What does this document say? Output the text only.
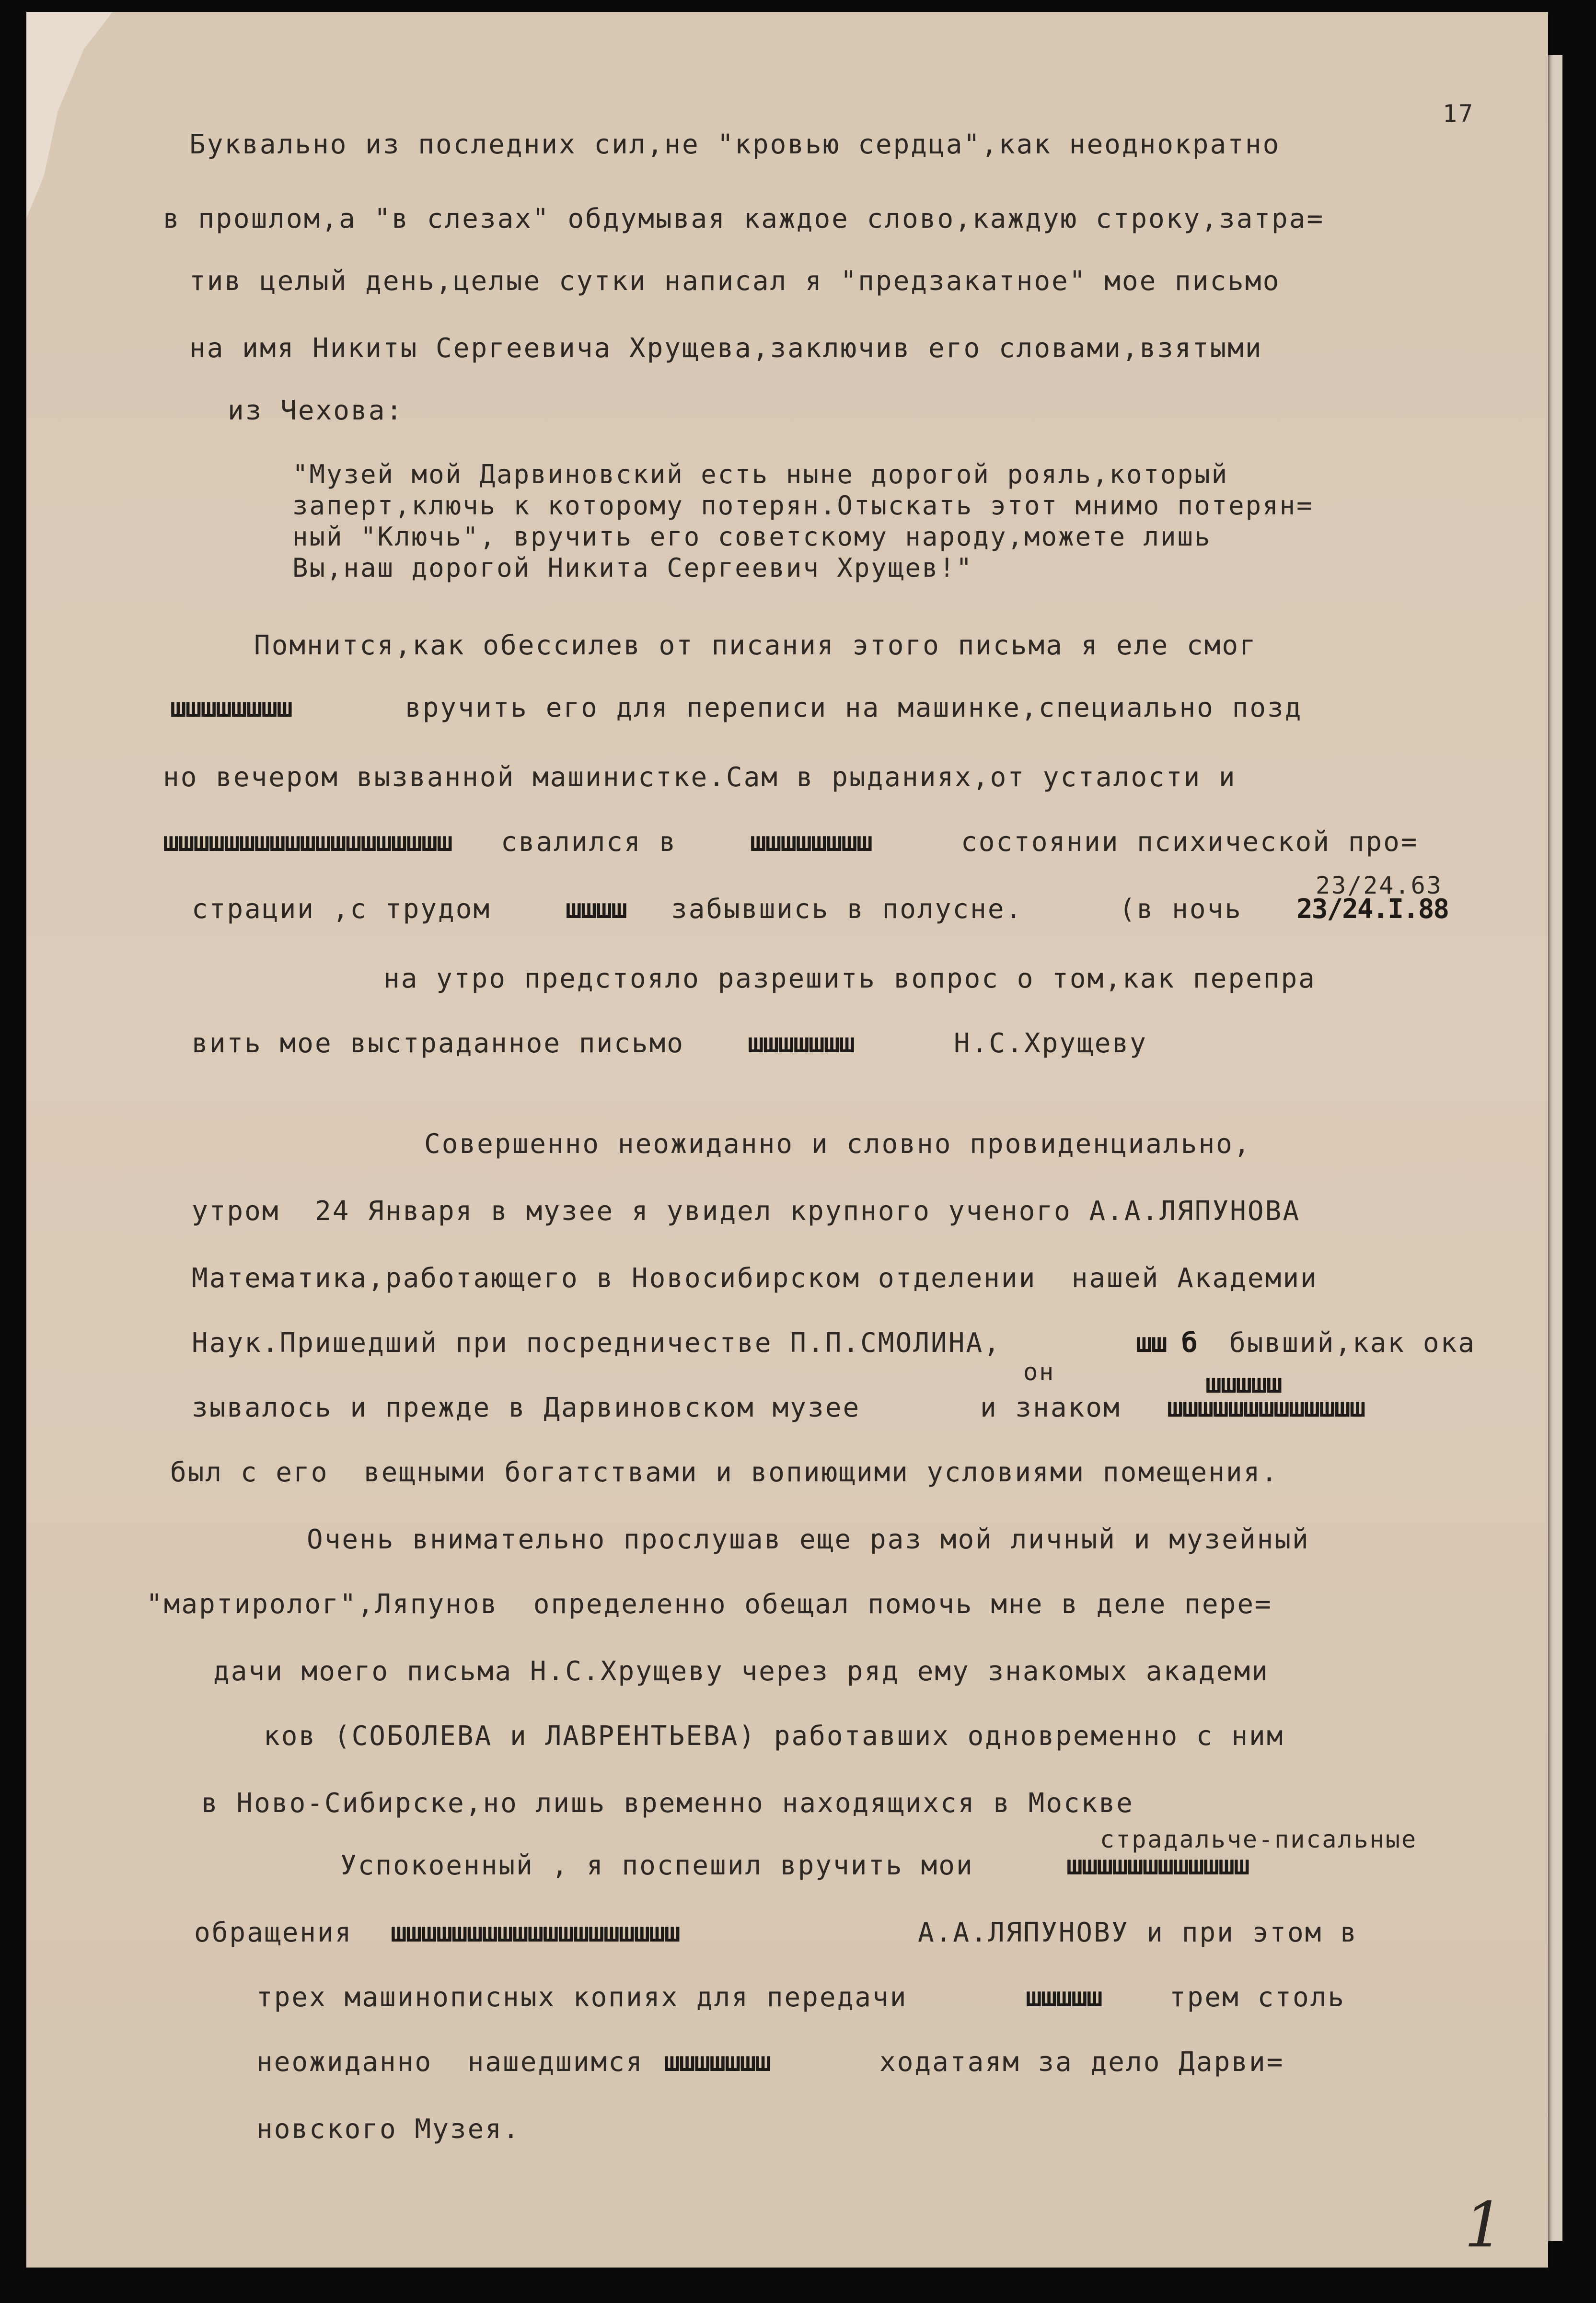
17
Буквально из последних сил,не "кровью сердца",как неоднократно
в прошлом,а "в слезах" обдумывая каждое слово,каждую строку,затра=
тив целый день,целые сутки написал я "предзакатное" мое письмо
на имя Никиты Сергеевича Хрущева,заключив его словами,взятыми
из Чехова:
"Музей мой Дарвиновский есть ныне дорогой рояль,который
заперт,ключь к которому потерян.Отыскать этот мнимо потерян=
ный "Ключь", вручить его советскому народу,можете лишь
Вы,наш дорогой Никита Сергеевич Хрущев!"
Помнится,как обессилев от писания этого письма я еле смог
шшшшшшшш	вручить его для переписи на машинке,специально позд
но вечером вызванной машинистке.Сам в рыданиях,от усталости и
шшшшшшшшшшшшшшшшшшш свалился в	шшшшшшшш	состоянии психической про=
23/24.63
страции ,с трудом	шшшш забывшись в полусне.	(в ночь 23/24.I.88
на утро предстояло разрешить вопрос о том,как перепра
вить мое выстраданное письмо шшшшшшш	Н.С.Хрущеву
Совершенно неожиданно и словно провиденциально,
утром  24 Января в музее я увидел крупного ученого А.А.ЛЯПУНОВА
Математика,работающего в Новосибирском отделении  нашей Академии
Наук.Пришедший при посредничестве П.П.СМОЛИНА,	шш б бывший,как ока
он	шшшшш
зывалось и прежде в Дарвиновском музее	и знаком шшшшшшшшшшшшш
был с его  вещными богатствами и вопиющими условиями помещения.
Очень внимательно прослушав еще раз мой личный и музейный
"мартиролог",Ляпунов  определенно обещал помочь мне в деле пере=
дачи моего письма Н.С.Хрущеву через ряд ему знакомых академи
ков (СОБОЛЕВА и ЛАВРЕНТЬЕВА) работавших одновременно с ним
в Ново-Сибирске,но лишь временно находящихся в Москве
страдальче-писальные
Успокоенный , я поспешил вручить мои	шшшшшшшшшшшш
обращения шшшшшшшшшшшшшшшшшшш	А.А.ЛЯПУНОВУ и при этом в
трех машинописных копиях для передачи	шшшшш	трем столь
неожиданно  нашедшимся шшшшшшш	ходатаям за дело Дарви=
новского Музея.
1
